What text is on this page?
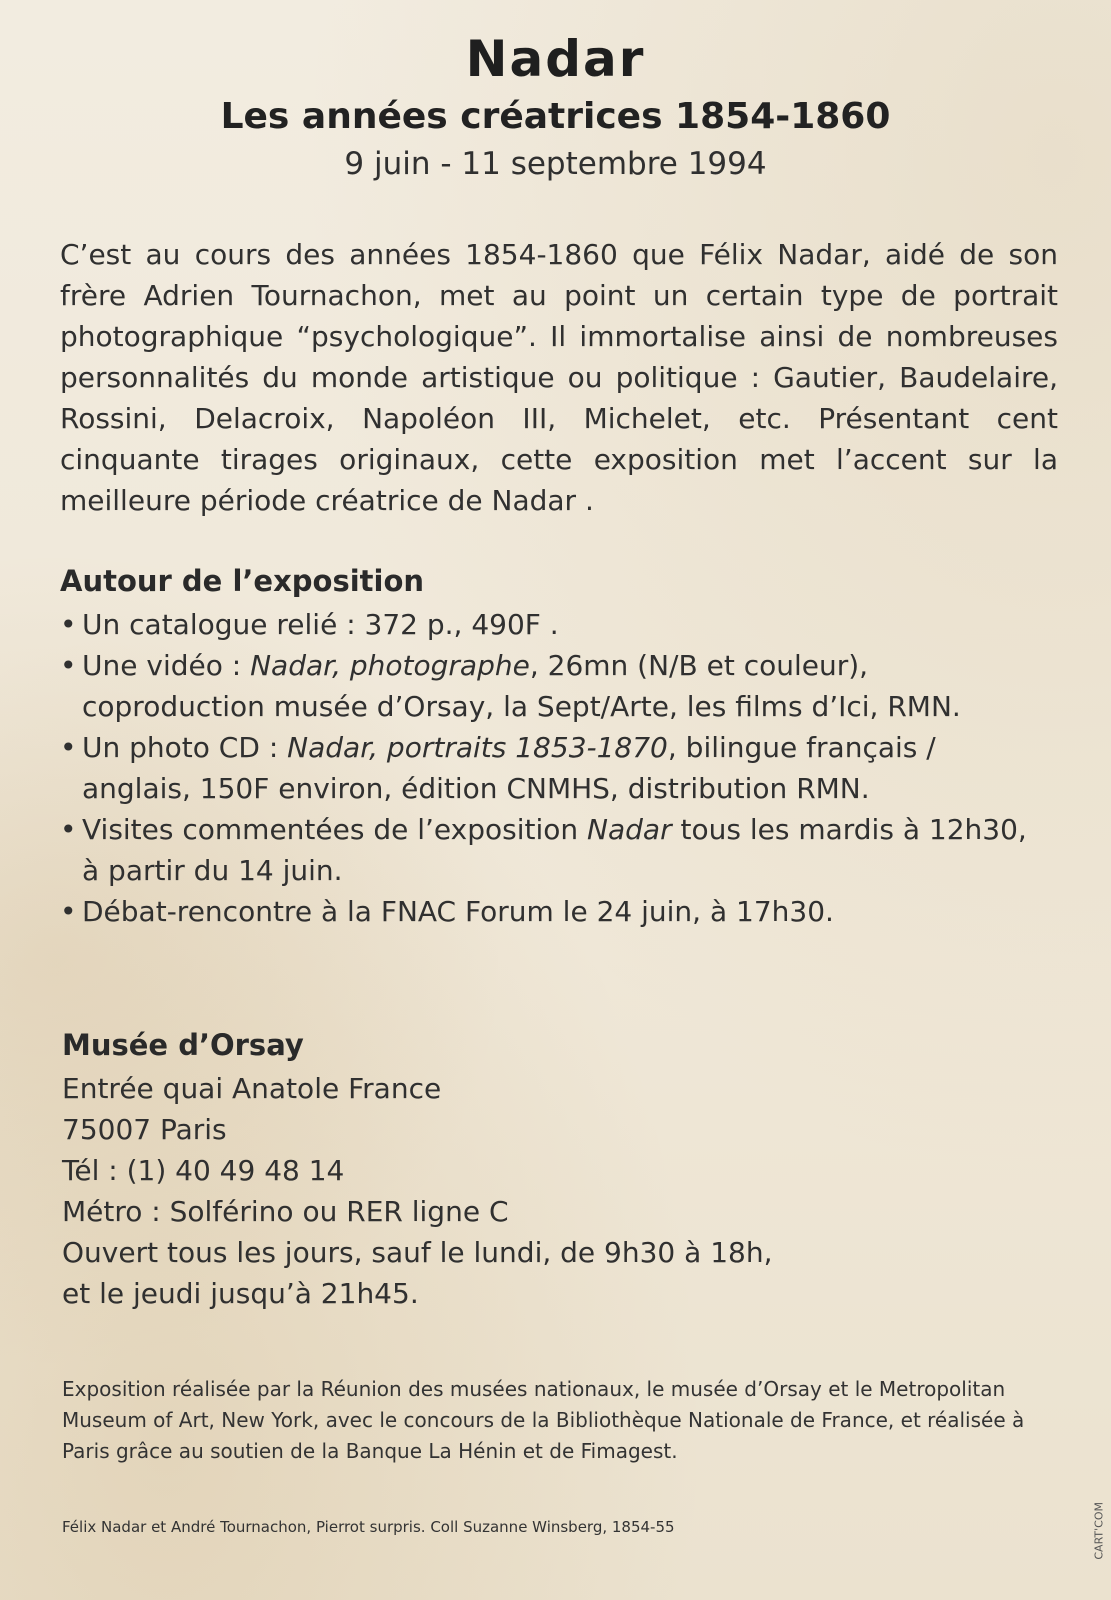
Nadar
Les années créatrices 1854-1860
9 juin - 11 septembre 1994
C’est au cours des années 1854-1860 que Félix Nadar, aidé de son frère Adrien Tournachon, met au point un certain type de portrait photographique “psychologique”. Il immortalise ainsi de nombreuses personnalités du monde artistique ou politique : Gautier, Baudelaire, Rossini, Delacroix, Napoléon III, Michelet, etc. Présentant cent cinquante tirages originaux, cette exposition met l’accent sur la meilleure période créatrice de Nadar .
Autour de l’exposition
• Un catalogue relié : 372 p., 490F .
• Une vidéo : Nadar, photographe, 26mn (N/B et couleur),
coproduction musée d’Orsay, la Sept/Arte, les films d’Ici, RMN.
• Un photo CD : Nadar, portraits 1853-1870, bilingue français /
anglais, 150F environ, édition CNMHS, distribution RMN.
• Visites commentées de l’exposition Nadar tous les mardis à 12h30,
à partir du 14 juin.
• Débat-rencontre à la FNAC Forum le 24 juin, à 17h30.
Musée d’Orsay
Entrée quai Anatole France
75007 Paris
Tél : (1) 40 49 48 14
Métro : Solférino ou RER ligne C
Ouvert tous les jours, sauf le lundi, de 9h30 à 18h,
et le jeudi jusqu’à 21h45.
Exposition réalisée par la Réunion des musées nationaux, le musée d’Orsay et le Metropolitan Museum of Art, New York, avec le concours de la Bibliothèque Nationale de France, et réalisée à Paris grâce au soutien de la Banque La Hénin et de Fimagest.
Félix Nadar et André Tournachon, Pierrot surpris. Coll Suzanne Winsberg, 1854-55	CART'COM
